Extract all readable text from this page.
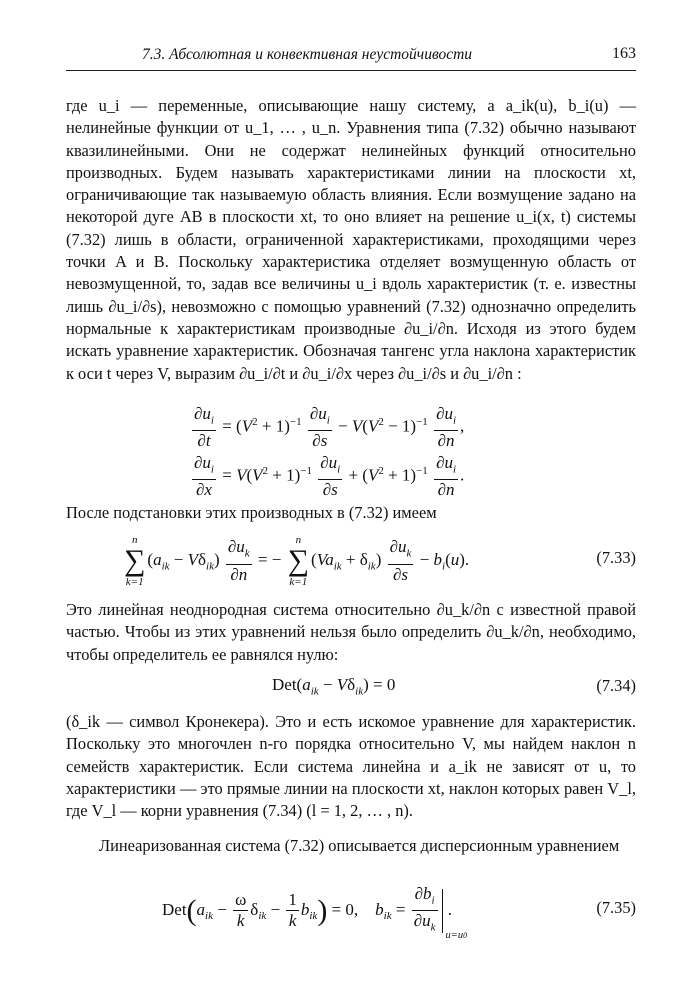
7.3. Абсолютная и конвективная неустойчивости	163
где u_i — переменные, описывающие нашу систему, a a_ik(u), b_i(u) — нелинейные функции от u_1, … , u_n. Уравнения типа (7.32) обычно называют квазилинейными. Они не содержат нелинейных функций относительно производных. Будем называть характеристиками линии на плоскости xt, ограничивающие так называемую область влияния. Если возмущение задано на некоторой дуге AB в плоскости xt, то оно влияет на решение u_i(x, t) системы (7.32) лишь в области, ограниченной характеристиками, проходящими через точки A и B. Поскольку характеристика отделяет возмущенную область от невозмущенной, то, задав все величины u_i вдоль характеристик (т. е. известны лишь ∂u_i/∂s), невозможно с помощью уравнений (7.32) однозначно определить нормальные к характеристикам производные ∂u_i/∂n. Исходя из этого будем искать уравнение характеристик. Обозначая тангенс угла наклона характеристик к оси t через V, выразим ∂u_i/∂t и ∂u_i/∂x через ∂u_i/∂s и ∂u_i/∂n :
$\frac{\partial u_i}{\partial t} = (V^2 + 1)^{-1} \frac{\partial u_i}{\partial s} - V(V^2 - 1)^{-1} \frac{\partial u_i}{\partial n}$ ,
$\frac{\partial u_i}{\partial x} = V(V^2 + 1)^{-1} \frac{\partial u_i}{\partial s} + (V^2 + 1)^{-1} \frac{\partial u_i}{\partial n}$ .
После подстановки этих производных в (7.32) имеем
n
∑
k=1
$(a_{ik} - V\delta_{ik}) \frac{\partial u_k}{\partial n}$ = −
n
∑
k=1
$(Va_{ik} + \delta_{ik}) \frac{\partial u_k}{\partial s} - b_i(u)$.	(7.33)
Это линейная неоднородная система относительно ∂u_k/∂n с известной правой частью. Чтобы из этих уравнений нельзя было определить ∂u_k/∂n, необходимо, чтобы определитель ее равнялся нулю:
$Det(a_{ik} - V\delta_{ik}) = 0$	(7.34)
(δ_ik — символ Кронекера). Это и есть искомое уравнение для характеристик. Поскольку это многочлен n-го порядка относительно V, мы найдем наклон n семейств характеристик. Если система линейна и a_ik не зависят от u, то характеристики — это прямые линии на плоскости xt, наклон которых равен V_l, где V_l — корни уравнения (7.34) (l = 1, 2, … , n).
Линеаризованная система (7.32) описывается дисперсионным уравнением
$Det(a_{ik} - \frac{\omega}{k} \delta_{ik} - \frac{1}{k} b_{ik}) = 0$,    $b_{ik} = \frac{\partial b_i}{\partial u_k} u=u0$
.	(7.35)
